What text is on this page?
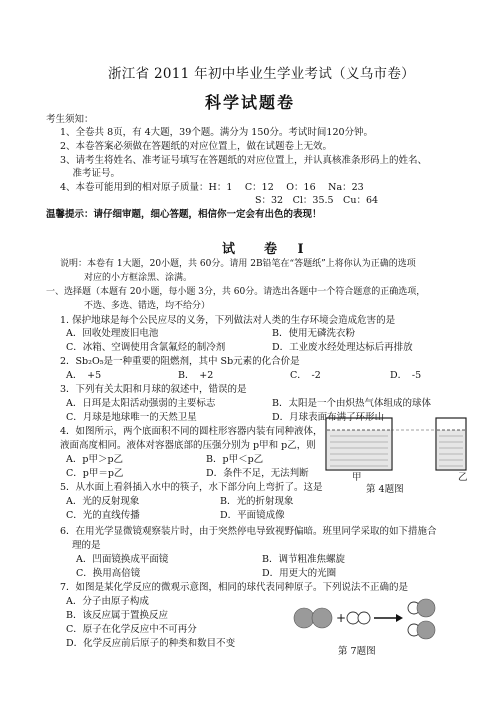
浙江省 2011 年初中毕业生学业考试（义乌市卷）
科学试题卷
考生须知：
1、全卷共 8页，有 4大题，39个题。满分为 150分。考试时间120分钟。
2、本卷答案必须做在答题纸的对应位置上，做在试题卷上无效。
3、请考生将姓名、准考证号填写在答题纸的对应位置上，并认真核准条形码上的姓名、
　 准考证号。
4、本卷可能用到的相对原子质量：H：1　 C：12　 O：16　 Na：23
S：32　Cl：35.5　Cu：64
温馨提示：请仔细审题，细心答题，相信你一定会有出色的表现！
试　卷 Ⅰ
说明：本卷有 1大题，20小题，共 60分。请用 2B铅笔在“答题纸”上将你认为正确的选项
对应的小方框涂黑、涂满。
一、选择题（本题有 20小题，每小题 3分，共 60分。请选出各题中一个符合题意的正确选项，
不选、多选、错选，均不给分）
1. 保护地球是每个公民应尽的义务，下列做法对人类的生存环境会造成危害的是
A．回收处理废旧电池	B．使用无磷洗衣粉
C．冰箱、空调使用含氯氟烃的制冷剂	D．工业废水经处理达标后再排放
2．Sb₂O₅是一种重要的阻燃剂，其中 Sb元素的化合价是
A．　+5	B．　+2	C．　-2	D．　-5
3．下列有关太阳和月球的叙述中，错误的是
A．日珥是太阳活动强弱的主要标志	B．太阳是一个由炽热气体组成的球体
C．月球是地球唯一的天然卫星	D．月球表面布满了环形山
4．如图所示，两个底面积不同的圆柱形容器内装有同种液体，
液面高度相同。液体对容器底部的压强分别为 p甲和 p乙，则
A．p甲＞p乙	B．p甲＜p乙
C．p甲＝p乙	D．条件不足，无法判断	甲	乙
第 4题图
5．从水面上看斜插入水中的筷子，水下部分向上弯折了。这是
A．光的反射现象	B．光的折射现象
C．光的直线传播	D．平面镜成像
6．在用光学显微镜观察装片时，由于突然停电导致视野偏暗。班里同学采取的如下措施合
理的是
A．凹面镜换成平面镜	B．调节粗准焦螺旋
C．换用高倍镜	D．用更大的光圈
7．如图是某化学反应的微观示意图，相同的球代表同种原子。下列说法不正确的是
A．分子由原子构成
B．该反应属于置换反应
C．原子在化学反应中不可再分
D．化学反应前后原子的种类和数目不变
+
第 7题图
